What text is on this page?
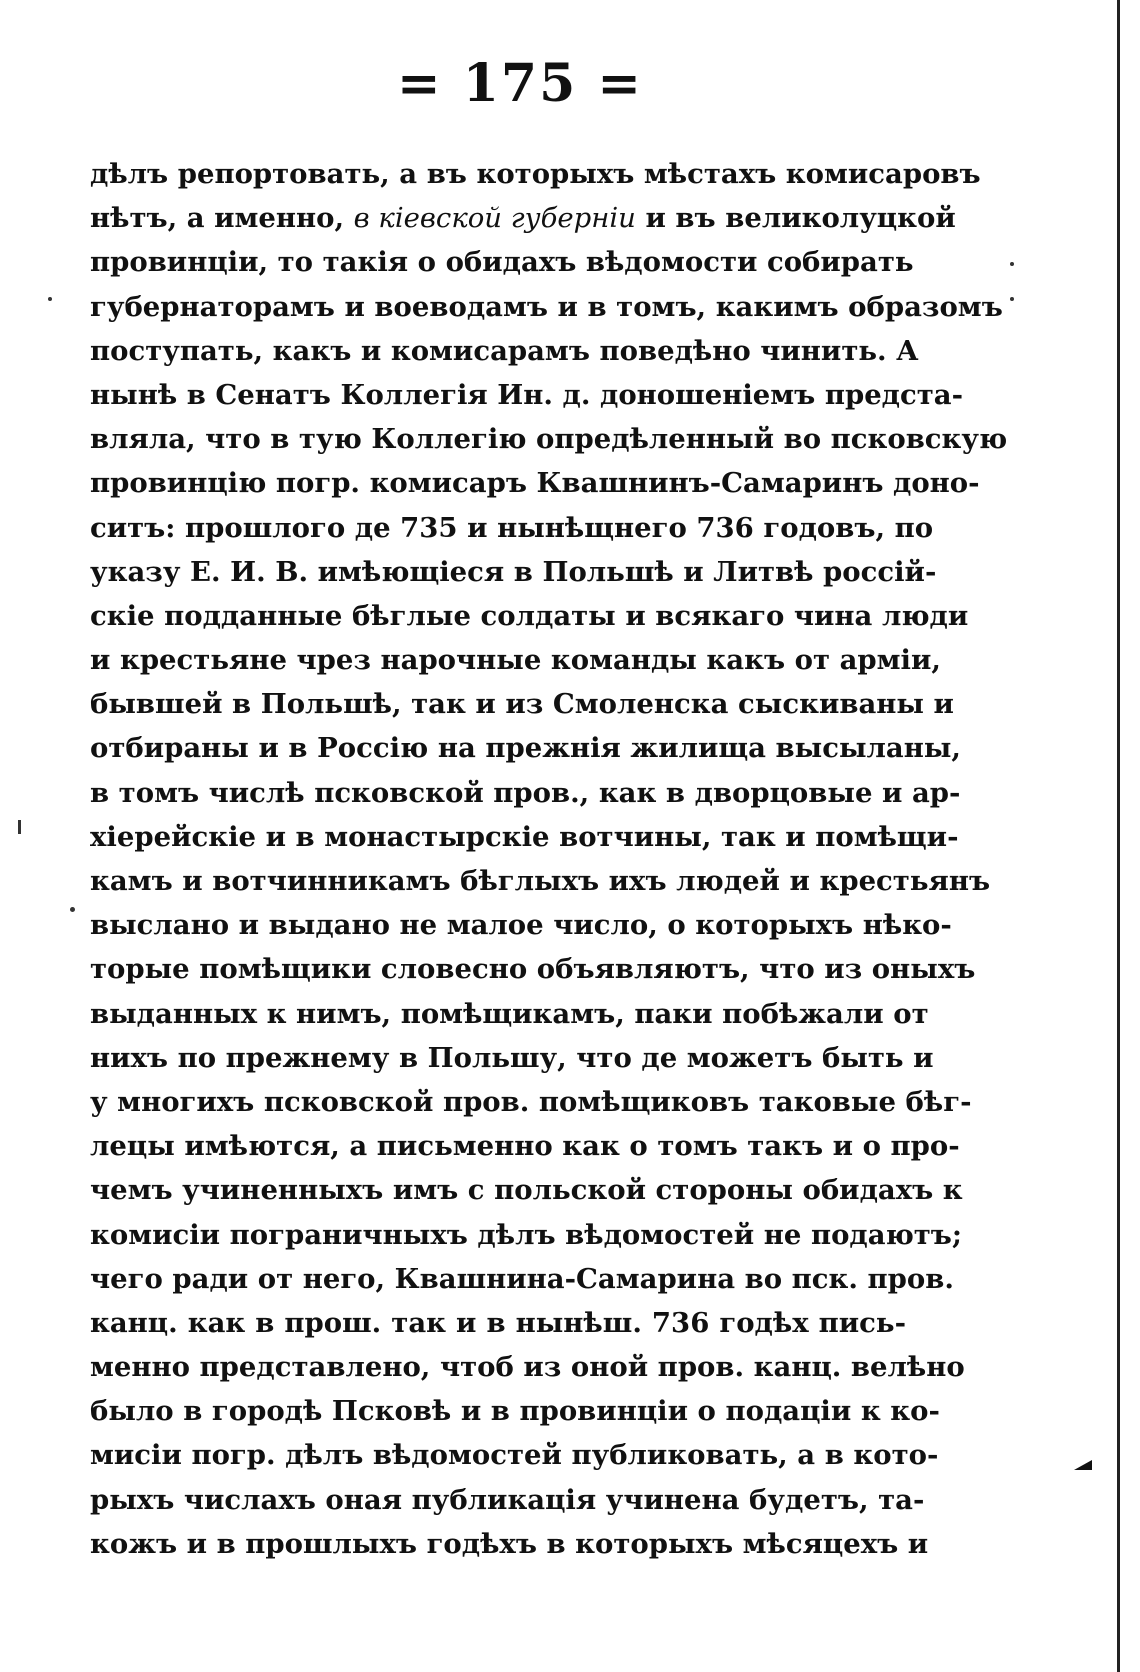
= 175 =
дѣлъ репортовать, а въ которыхъ мѣстахъ комисаровъ
нѣтъ, а именно, в кіевской губерніи и въ великолуцкой
провинціи, то такія о обидахъ вѣдомости собирать
губернаторамъ и воеводамъ и в томъ, какимъ образомъ
поступать, какъ и комисарамъ поведѣно чинить. А
нынѣ в Сенатъ Коллегія Ин. д. доношеніемъ предста-
вляла, что в тую Коллегію опредѣленный во псковскую
провинцію погр. комисаръ Квашнинъ-Самаринъ доно-
ситъ: прошлого де 735 и нынѣщнего 736 годовъ, по
указу Е. И. В. имѣющіеся в Польшѣ и Литвѣ россій-
скіе подданные бѣглые солдаты и всякаго чина люди
и крестьяне чрез нарочные команды какъ от арміи,
бывшей в Польшѣ, так и из Смоленска сыскиваны и
отбираны и в Россію на прежнія жилища высыланы,
в томъ числѣ псковской пров., как в дворцовые и ар-
хіерейскіе и в монастырскіе вотчины, так и помѣщи-
камъ и вотчинникамъ бѣглыхъ ихъ людей и крестьянъ
выслано и выдано не малое число, о которыхъ нѣко-
торые помѣщики словесно объявляютъ, что из оныхъ
выданных к нимъ, помѣщикамъ, паки побѣжали от
нихъ по прежнему в Польшу, что де можетъ быть и
у многихъ псковской пров. помѣщиковъ таковые бѣг-
лецы имѣются, а письменно как о томъ такъ и о про-
чемъ учиненныхъ имъ с польской стороны обидахъ к
комисіи пограничныхъ дѣлъ вѣдомостей не подаютъ;
чего ради от него, Квашнина-Самарина во пск. пров.
канц. как в прош. так и в нынѣш. 736 годѣх пись-
менно представлено, чтоб из оной пров. канц. велѣно
было в городѣ Псковѣ и в провинціи о подаціи к ко-
мисіи погр. дѣлъ вѣдомостей публиковать, а в кото-
рыхъ числахъ оная публикація учинена будетъ, та-
кожъ и в прошлыхъ годѣхъ в которыхъ мѣсяцехъ и
